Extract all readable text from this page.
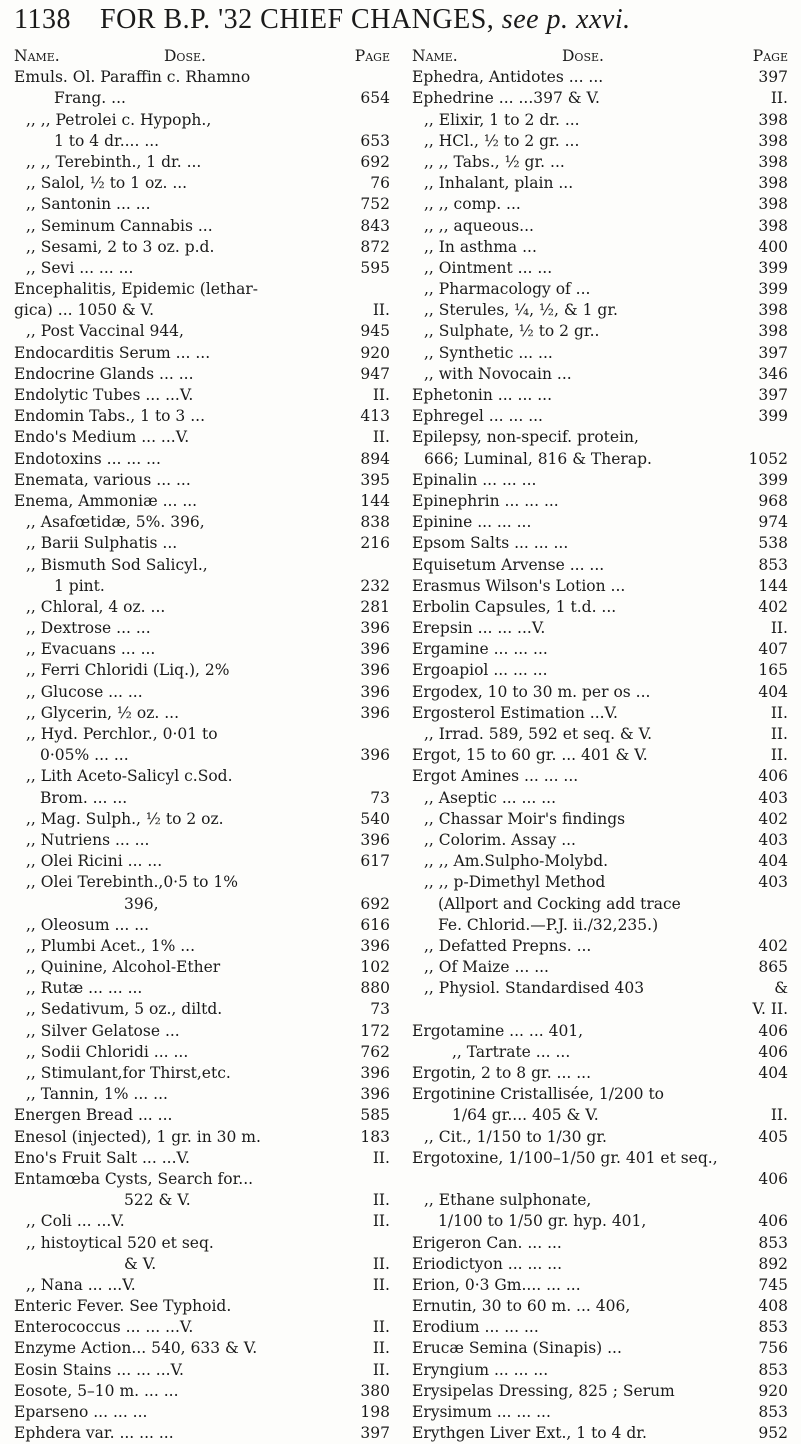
1138 FOR B.P. '32 CHIEF CHANGES, see p. xxvi.
Name.	Dose.	Page
Emuls. Ol. Paraffin c. Rhamno
Frang. ...	654
,, ,, Petrolei c. Hypoph.,
1 to 4 dr.... ...	653
,, ,, Terebinth., 1 dr. ...	692
,, Salol, ½ to 1 oz. ...	76
,, Santonin ... ...	752
,, Seminum Cannabis ...	843
,, Sesami, 2 to 3 oz. p.d.	872
,, Sevi ... ... ...	595
Encephalitis, Epidemic (lethar-
gica) ... 1050 & V.	II.
,, Post Vaccinal 944,	945
Endocarditis Serum ... ...	920
Endocrine Glands ... ...	947
Endolytic Tubes ... ...V.	II.
Endomin Tabs., 1 to 3 ...	413
Endo's Medium ... ...V.	II.
Endotoxins ... ... ...	894
Enemata, various ... ...	395
Enema, Ammoniæ ... ...	144
,, Asafœtidæ, 5%. 396,	838
,, Barii Sulphatis ...	216
,, Bismuth Sod Salicyl.,
1 pint.	232
,, Chloral, 4 oz. ...	281
,, Dextrose ... ...	396
,, Evacuans ... ...	396
,, Ferri Chloridi (Liq.), 2%	396
,, Glucose ... ...	396
,, Glycerin, ½ oz. ...	396
,, Hyd. Perchlor., 0·01 to
0·05% ... ...	396
,, Lith Aceto-Salicyl c.Sod.
Brom. ... ...	73
,, Mag. Sulph., ½ to 2 oz.	540
,, Nutriens ... ...	396
,, Olei Ricini ... ...	617
,, Olei Terebinth.,0·5 to 1%
396,	692
,, Oleosum ... ...	616
,, Plumbi Acet., 1% ...	396
,, Quinine, Alcohol-Ether	102
,, Rutæ ... ... ...	880
,, Sedativum, 5 oz., diltd.	73
,, Silver Gelatose ...	172
,, Sodii Chloridi ... ...	762
,, Stimulant,for Thirst,etc.	396
,, Tannin, 1% ... ...	396
Energen Bread ... ...	585
Enesol (injected), 1 gr. in 30 m.	183
Eno's Fruit Salt ... ...V.	II.
Entamœba Cysts, Search for...
522 & V.	II.
,, Coli ... ...V.	II.
,, histoytical 520 et seq.
& V.	II.
,, Nana ... ...V.	II.
Enteric Fever. See Typhoid.
Enterococcus ... ... ...V.	II.
Enzyme Action... 540, 633 & V.	II.
Eosin Stains ... ... ...V.	II.
Eosote, 5–10 m. ... ...	380
Eparseno ... ... ...	198
Ephdera var. ... ... ...	397
Name.	Dose.	Page
Ephedra, Antidotes ... ...	397
Ephedrine ... ...397 & V.	II.
,, Elixir, 1 to 2 dr. ...	398
,, HCl., ½ to 2 gr. ...	398
,, ,, Tabs., ½ gr. ...	398
,, Inhalant, plain ...	398
,, ,, comp. ...	398
,, ,, aqueous...	398
,, In asthma ...	400
,, Ointment ... ...	399
,, Pharmacology of ...	399
,, Sterules, ¼, ½, & 1 gr.	398
,, Sulphate, ½ to 2 gr..	398
,, Synthetic ... ...	397
,, with Novocain ...	346
Ephetonin ... ... ...	397
Ephregel ... ... ...	399
Epilepsy, non-specif. protein,
666; Luminal, 816 & Therap.	1052
Epinalin ... ... ...	399
Epinephrin ... ... ...	968
Epinine ... ... ...	974
Epsom Salts ... ... ...	538
Equisetum Arvense ... ...	853
Erasmus Wilson's Lotion ...	144
Erbolin Capsules, 1 t.d. ...	402
Erepsin ... ... ...V.	II.
Ergamine ... ... ...	407
Ergoapiol ... ... ...	165
Ergodex, 10 to 30 m. per os ...	404
Ergosterol Estimation ...V.	II.
,, Irrad. 589, 592 et seq. & V.	II.
Ergot, 15 to 60 gr. ... 401 & V.	II.
Ergot Amines ... ... ...	406
,, Aseptic ... ... ...	403
,, Chassar Moir's findings	402
,, Colorim. Assay ...	403
,, ,, Am.Sulpho-Molybd.	404
,, ,, p-Dimethyl Method	403
(Allport and Cocking add trace
Fe. Chlorid.—P.J. ii./32,235.)
,, Defatted Prepns. ...	402
,, Of Maize ... ...	865
,, Physiol. Standardised 403	&
V. II.
Ergotamine ... ... 401,	406
,, Tartrate ... ...	406
Ergotin, 2 to 8 gr. ... ...	404
Ergotinine Cristallisée, 1/200 to
1/64 gr.... 405 & V.	II.
,, Cit., 1/150 to 1/30 gr.	405
Ergotoxine, 1/100–1/50 gr. 401 et seq.,
406
,, Ethane sulphonate,
1/100 to 1/50 gr. hyp. 401,	406
Erigeron Can. ... ...	853
Eriodictyon ... ... ...	892
Erion, 0·3 Gm.... ... ...	745
Ernutin, 30 to 60 m. ... 406,	408
Erodium ... ... ...	853
Erucæ Semina (Sinapis) ...	756
Eryngium ... ... ...	853
Erysipelas Dressing, 825 ; Serum	920
Erysimum ... ... ...	853
Erythgen Liver Ext., 1 to 4 dr.	952
